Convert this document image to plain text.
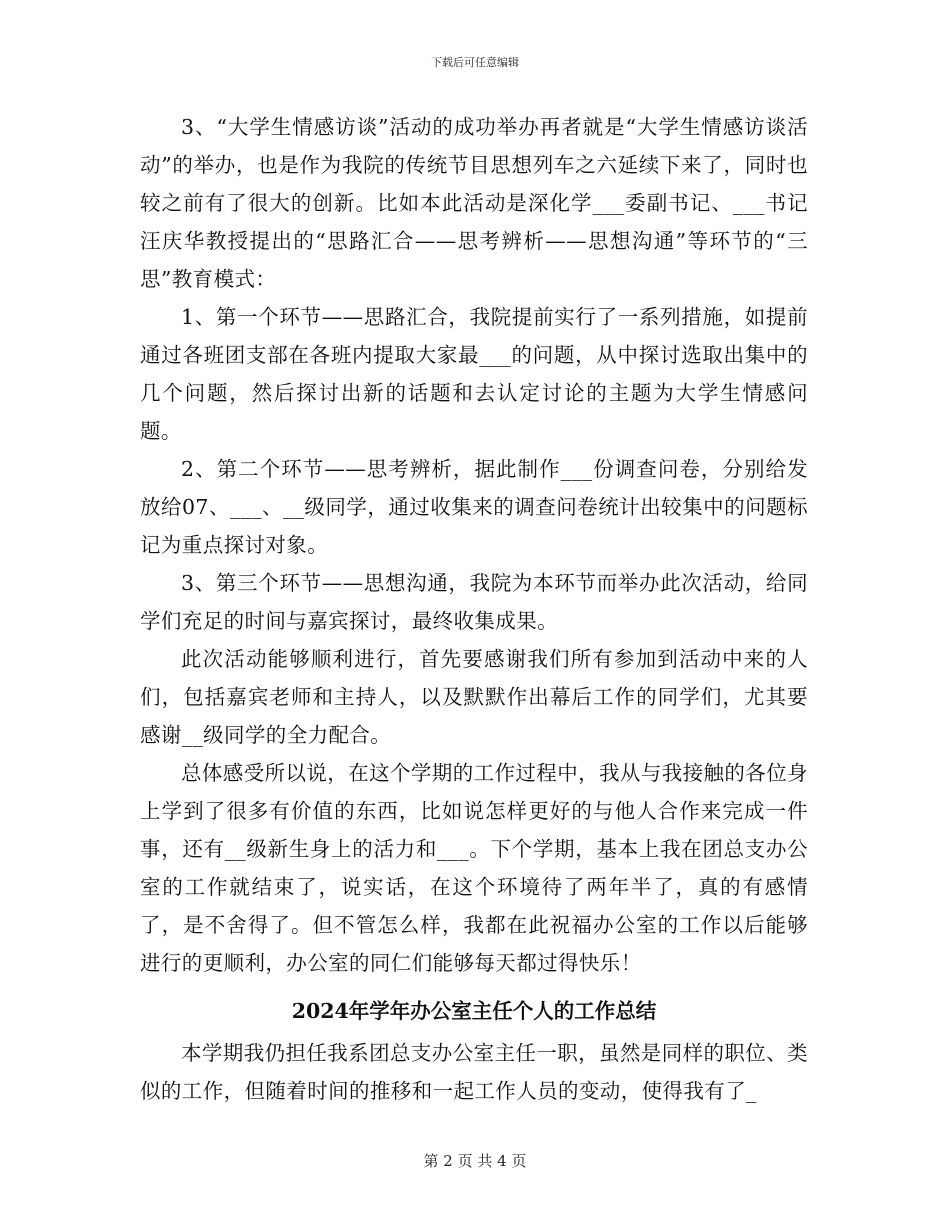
下载后可任意编辑

3、“大学生情感访谈”活动的成功举办再者就是“大学生情感访谈活动”的举办，也是作为我院的传统节目思想列车之六延续下来了，同时也较之前有了很大的创新。比如本此活动是深化学___委副书记、___书记汪庆华教授提出的“思路汇合——思考辨析——思想沟通”等环节的“三思”教育模式：

1、第一个环节——思路汇合，我院提前实行了一系列措施，如提前通过各班团支部在各班内提取大家最___的问题，从中探讨选取出集中的几个问题，然后探讨出新的话题和去认定讨论的主题为大学生情感问题。

2、第二个环节——思考辨析，据此制作___份调查问卷，分别给发放给07、___、__级同学，通过收集来的调查问卷统计出较集中的问题标记为重点探讨对象。

3、第三个环节——思想沟通，我院为本环节而举办此次活动，给同学们充足的时间与嘉宾探讨，最终收集成果。

此次活动能够顺利进行，首先要感谢我们所有参加到活动中来的人们，包括嘉宾老师和主持人，以及默默作出幕后工作的同学们，尤其要感谢__级同学的全力配合。

总体感受所以说，在这个学期的工作过程中，我从与我接触的各位身上学到了很多有价值的东西，比如说怎样更好的与他人合作来完成一件事，还有__级新生身上的活力和___。下个学期，基本上我在团总支办公室的工作就结束了，说实话，在这个环境待了两年半了，真的有感情了，是不舍得了。但不管怎么样，我都在此祝福办公室的工作以后能够进行的更顺利，办公室的同仁们能够每天都过得快乐！

2024年学年办公室主任个人的工作总结

本学期我仍担任我系团总支办公室主任一职，虽然是同样的职位、类似的工作，但随着时间的推移和一起工作人员的变动，使得我有了_

第 2 页 共 4 页
